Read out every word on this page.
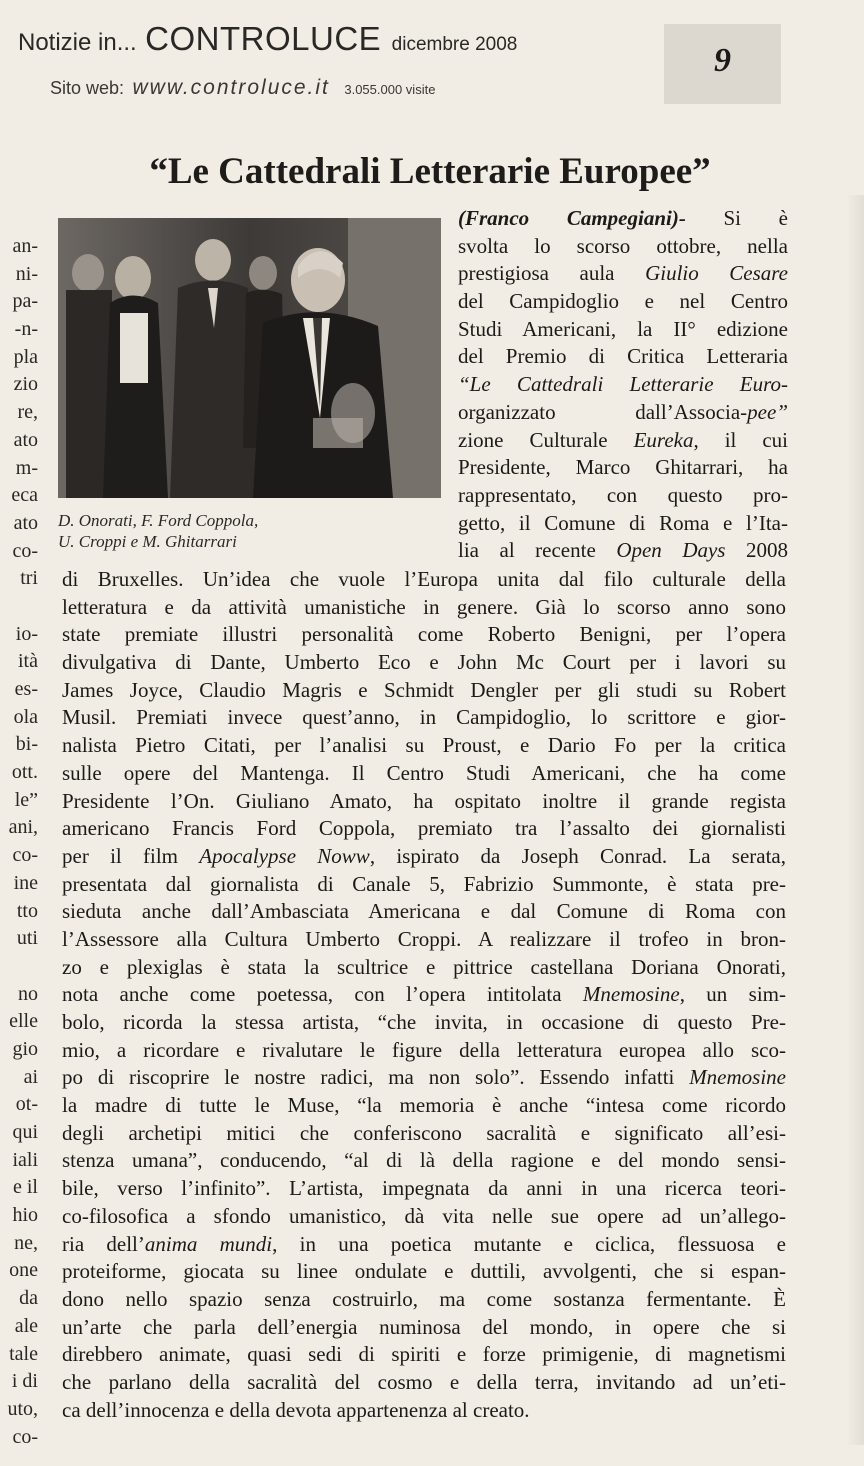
Notizie in... CONTROLUCE dicembre 2008
Sito web: www.controluce.it 3.055.000 visite
9
an-
ni-
pa-
-n-
pla
zio
re,
ato
m-
eca
ato
co-
tri
io-
ità
es-
ola
bi-
ott.
le”
ani,
co-
ine
tto
uti
no
elle
gio
ai
ot-
qui
iali
e il
hio
ne,
one
da
ale
tale
i di
uto,
co-
“Le Cattedrali Letterarie Europee”
D. Onorati, F. Ford Coppola,
U. Croppi e M. Ghitarrari
(Franco Campegiani)- Si è
svolta lo scorso ottobre, nella
prestigiosa aula Giulio Cesare
del Campidoglio e nel Centro
Studi Americani, la II° edizione
del Premio di Critica Letteraria
“Le Cattedrali Letterarie Euro-
organizzato dall’Associa-pee”
zione Culturale Eureka, il cui
Presidente, Marco Ghitarrari, ha
rappresentato, con questo pro-
getto, il Comune di Roma e l’Ita-
lia al recente Open Days 2008
di Bruxelles. Un’idea che vuole l’Europa unita dal filo culturale della
letteratura e da attività umanistiche in genere. Già lo scorso anno sono
state premiate illustri personalità come Roberto Benigni, per l’opera
divulgativa di Dante, Umberto Eco e John Mc Court per i lavori su
James Joyce, Claudio Magris e Schmidt Dengler per gli studi su Robert
Musil. Premiati invece quest’anno, in Campidoglio, lo scrittore e gior-
nalista Pietro Citati, per l’analisi su Proust, e Dario Fo per la critica
sulle opere del Mantenga. Il Centro Studi Americani, che ha come
Presidente l’On. Giuliano Amato, ha ospitato inoltre il grande regista
americano Francis Ford Coppola, premiato tra l’assalto dei giornalisti
per il film Apocalypse Noww, ispirato da Joseph Conrad. La serata,
presentata dal giornalista di Canale 5, Fabrizio Summonte, è stata pre-
sieduta anche dall’Ambasciata Americana e dal Comune di Roma con
l’Assessore alla Cultura Umberto Croppi. A realizzare il trofeo in bron-
zo e plexiglas è stata la scultrice e pittrice castellana Doriana Onorati,
nota anche come poetessa, con l’opera intitolata Mnemosine, un sim-
bolo, ricorda la stessa artista, “che invita, in occasione di questo Pre-
mio, a ricordare e rivalutare le figure della letteratura europea allo sco-
po di riscoprire le nostre radici, ma non solo”. Essendo infatti Mnemosine
la madre di tutte le Muse, “la memoria è anche “intesa come ricordo
degli archetipi mitici che conferiscono sacralità e significato all’esi-
stenza umana”, conducendo, “al di là della ragione e del mondo sensi-
bile, verso l’infinito”. L’artista, impegnata da anni in una ricerca teori-
co-filosofica a sfondo umanistico, dà vita nelle sue opere ad un’allego-
ria dell’anima mundi, in una poetica mutante e ciclica, flessuosa e
proteiforme, giocata su linee ondulate e duttili, avvolgenti, che si espan-
dono nello spazio senza costruirlo, ma come sostanza fermentante. È
un’arte che parla dell’energia numinosa del mondo, in opere che si
direbbero animate, quasi sedi di spiriti e forze primigenie, di magnetismi
che parlano della sacralità del cosmo e della terra, invitando ad un’eti-
ca dell’innocenza e della devota appartenenza al creato.
